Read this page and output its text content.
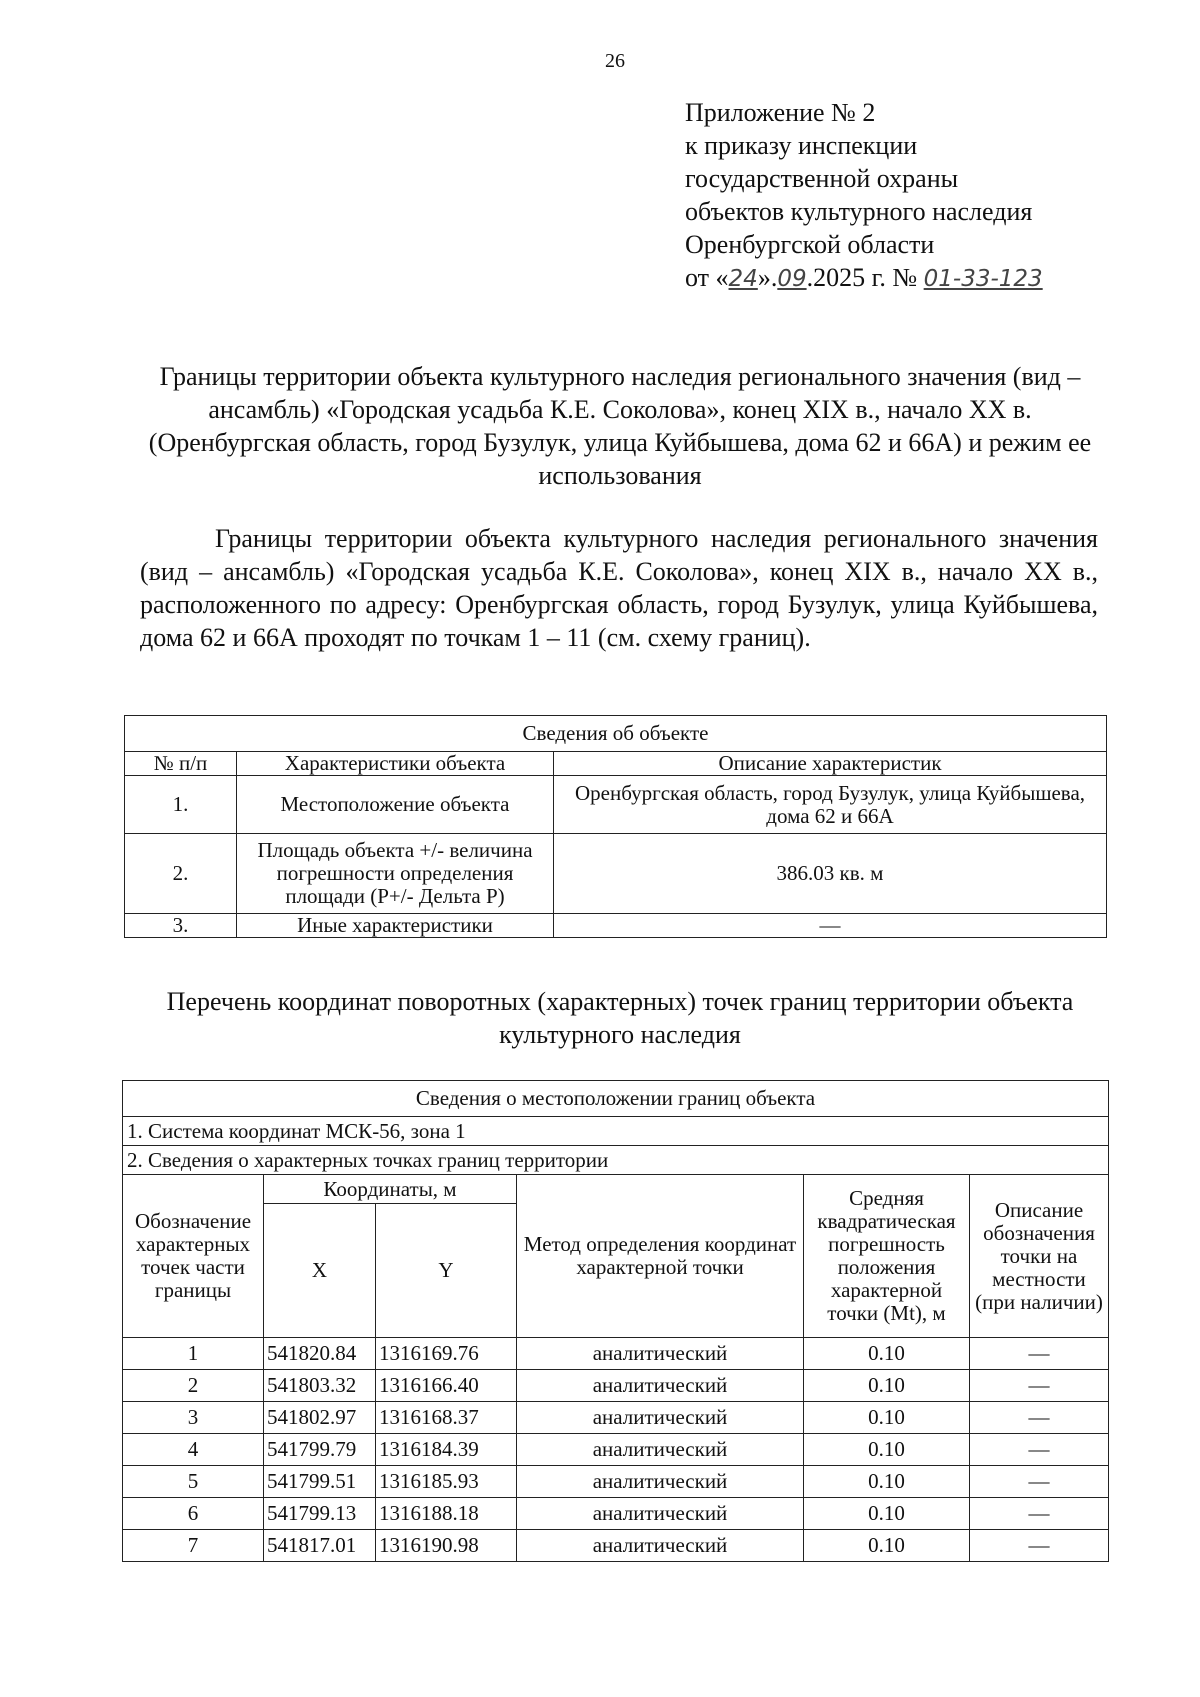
26
Приложение № 2
к приказу инспекции
государственной охраны
объектов культурного наследия
Оренбургской области
от «24».09.2025 г. № 01-33-123
Границы территории объекта культурного наследия регионального значения (вид – ансамбль) «Городская усадьба К.Е. Соколова», конец XIX в., начало XX в. (Оренбургская область, город Бузулук, улица Куйбышева, дома 62 и 66А) и режим ее использования
Границы территории объекта культурного наследия регионального значения (вид – ансамбль) «Городская усадьба К.Е. Соколова», конец XIX в., начало XX в., расположенного по адресу: Оренбургская область, город Бузулук, улица Куйбышева, дома 62 и 66А проходят по точкам 1 – 11 (см. схему границ).
Сведения об объекте		
№ п/п	Характеристики объекта	Описание характеристик
1.	Местоположение объекта	Оренбургская область, город Бузулук, улица Куйбышева, дома 62 и 66А
2.	Площадь объекта +/- величина погрешности определения площади (Р+/- Дельта Р)	386.03 кв. м
3.	Иные характеристики	—
Перечень координат поворотных (характерных) точек границ территории объекта культурного наследия
Сведения о местоположении границ объекта					
1. Система координат МСК-56, зона 1					
2. Сведения о характерных точках границ территории					
Обозначение характерных точек части границы	Координаты, м		Метод определения координат характерной точки	Средняя квадратическая погрешность положения характерной точки (Mt), м	Описание обозначения точки на местности (при наличии)
	X	Y			
1	541820.84	1316169.76	аналитический	0.10	—
2	541803.32	1316166.40	аналитический	0.10	—
3	541802.97	1316168.37	аналитический	0.10	—
4	541799.79	1316184.39	аналитический	0.10	—
5	541799.51	1316185.93	аналитический	0.10	—
6	541799.13	1316188.18	аналитический	0.10	—
7	541817.01	1316190.98	аналитический	0.10	—
